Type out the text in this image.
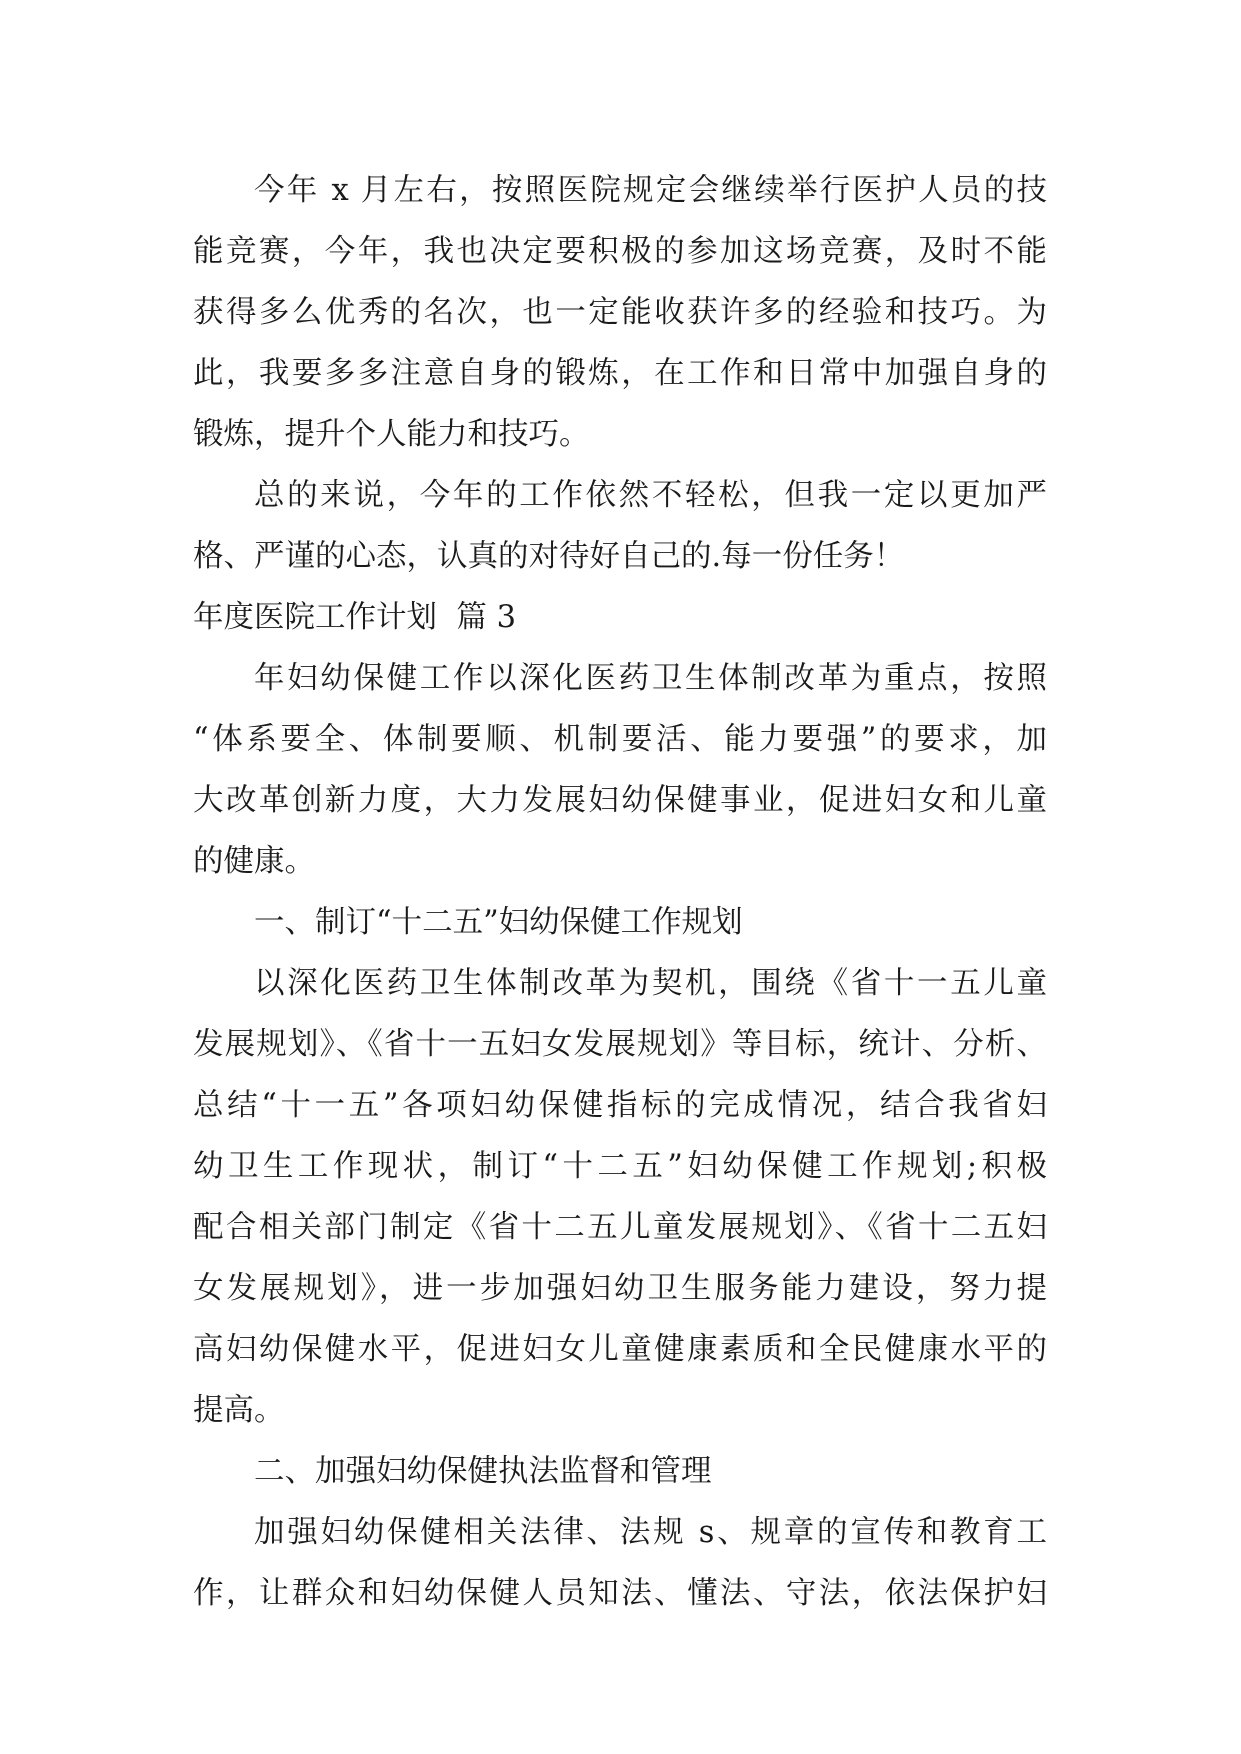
今年 x 月左右，按照医院规定会继续举行医护人员的技
能竞赛，今年，我也决定要积极的参加这场竞赛，及时不能
获得多么优秀的名次，也一定能收获许多的经验和技巧。为
此，我要多多注意自身的锻炼，在工作和日常中加强自身的
锻炼，提升个人能力和技巧。
总的来说，今年的工作依然不轻松，但我一定以更加严
格、严谨的心态，认真的对待好自己的.每一份任务！
年度医院工作计划  篇 3
年妇幼保健工作以深化医药卫生体制改革为重点，按照
“体系要全、体制要顺、机制要活、能力要强”的要求，加
大改革创新力度，大力发展妇幼保健事业，促进妇女和儿童
的健康。
一、制订“十二五”妇幼保健工作规划
以深化医药卫生体制改革为契机，围绕《省十一五儿童
发展规划》、《省十一五妇女发展规划》等目标，统计、分析、
总结“十一五”各项妇幼保健指标的完成情况，结合我省妇
幼卫生工作现状，制订“十二五”妇幼保健工作规划;积极
配合相关部门制定《省十二五儿童发展规划》、《省十二五妇
女发展规划》，进一步加强妇幼卫生服务能力建设，努力提
高妇幼保健水平，促进妇女儿童健康素质和全民健康水平的
提高。
二、加强妇幼保健执法监督和管理
加强妇幼保健相关法律、法规 s、规章的宣传和教育工
作，让群众和妇幼保健人员知法、懂法、守法，依法保护妇
